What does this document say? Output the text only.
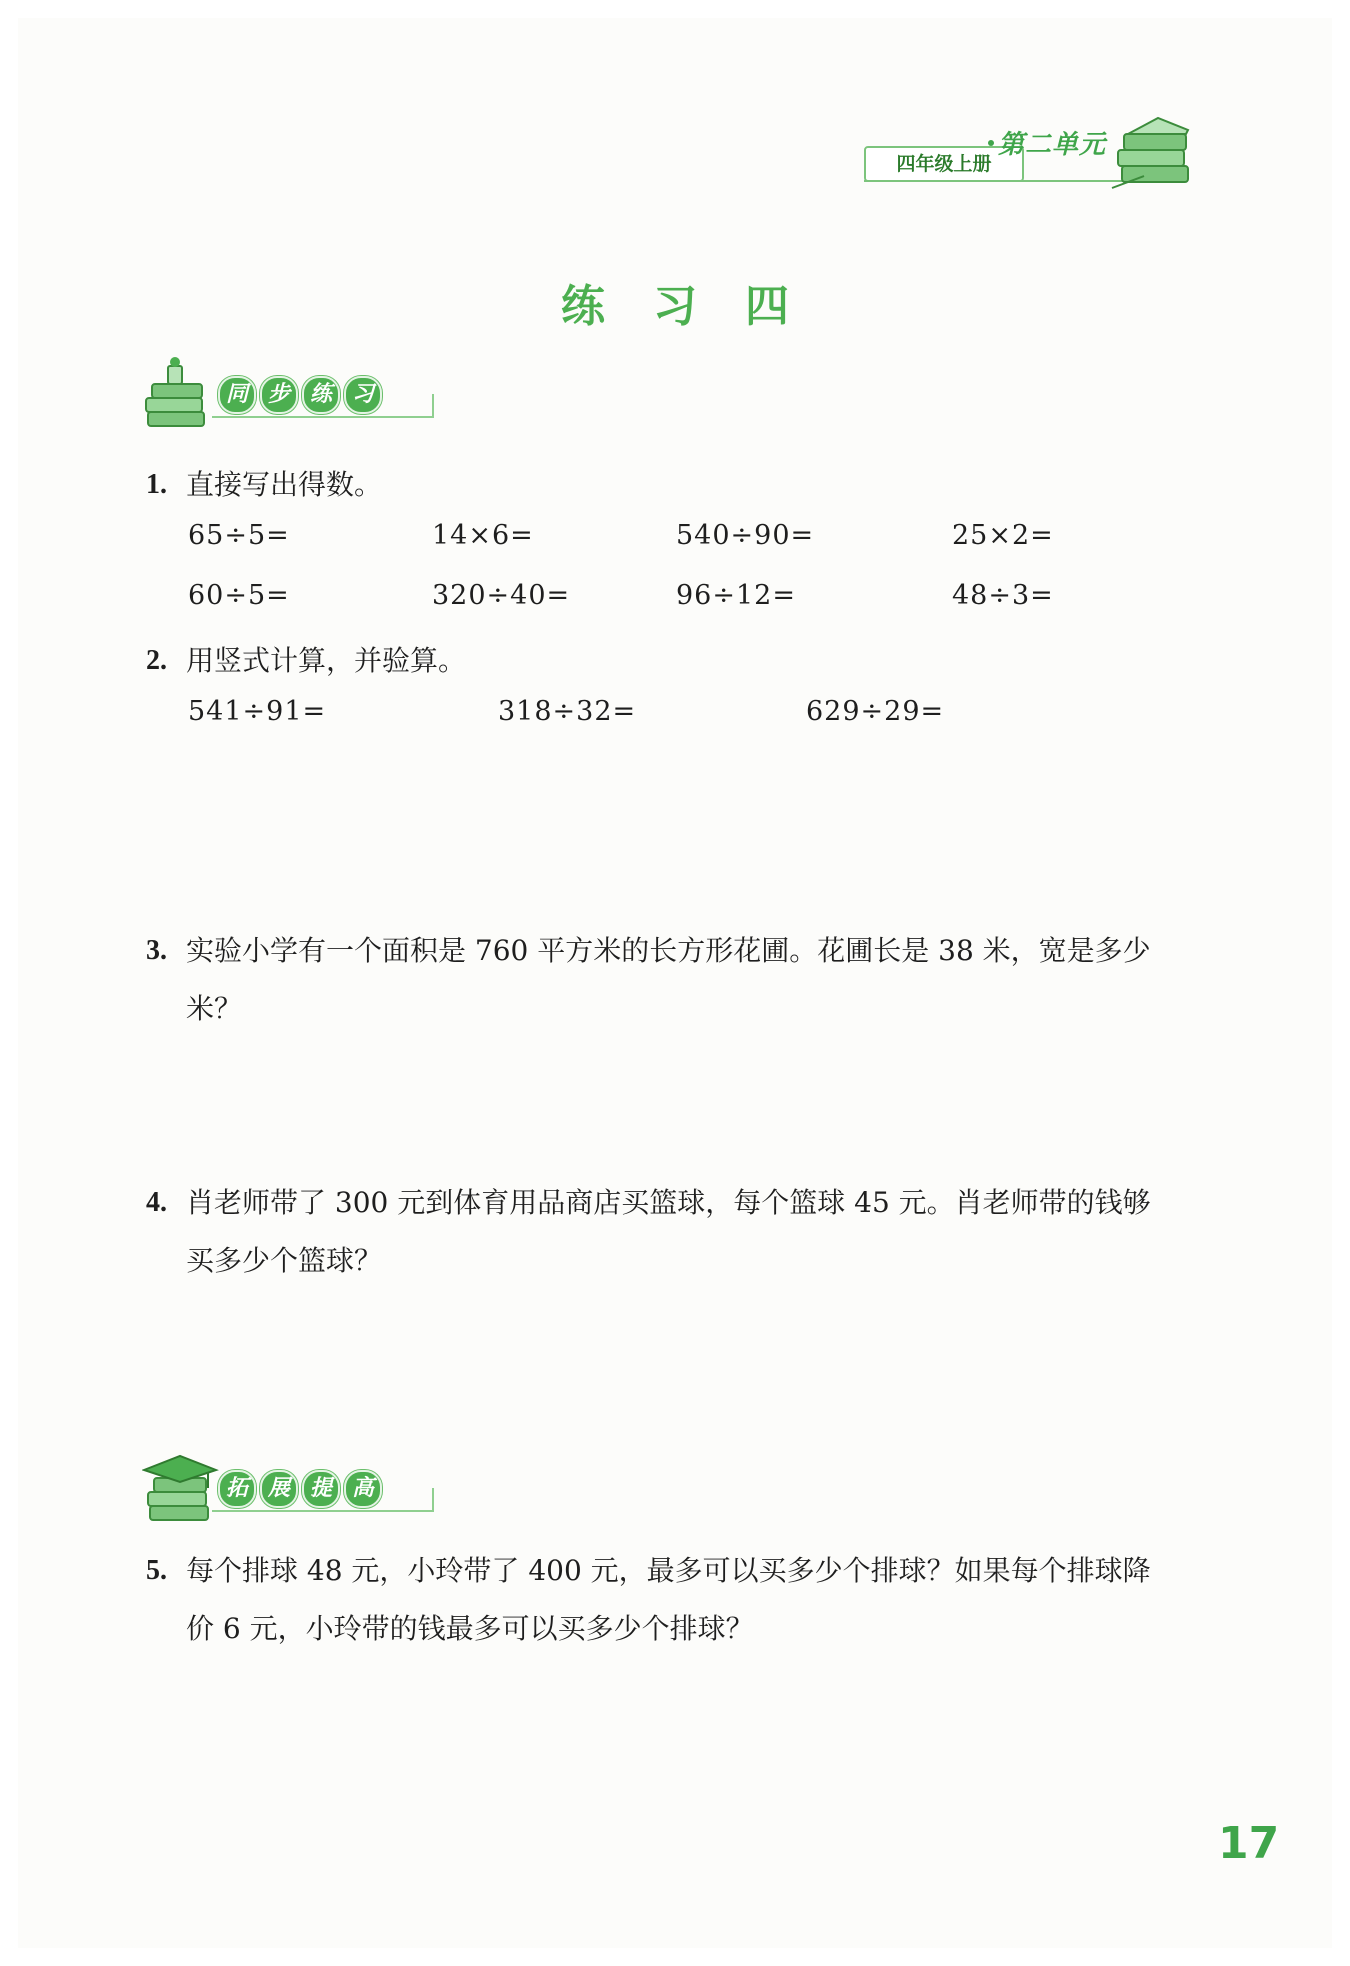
四年级上册
第二单元
练习四
同 步 练 习
1. 直接写出得数。
65÷5=	14×6=	540÷90=	25×2=
60÷5=	320÷40=	96÷12=	48÷3=
2. 用竖式计算，并验算。
541÷91=	318÷32=	629÷29=
3. 实验小学有一个面积是 760 平方米的长方形花圃。花圃长是 38 米，宽是多少米？
4. 肖老师带了 300 元到体育用品商店买篮球，每个篮球 45 元。肖老师带的钱够买多少个篮球？
拓 展 提 高
5. 每个排球 48 元，小玲带了 400 元，最多可以买多少个排球？如果每个排球降价 6 元，小玲带的钱最多可以买多少个排球？
17
